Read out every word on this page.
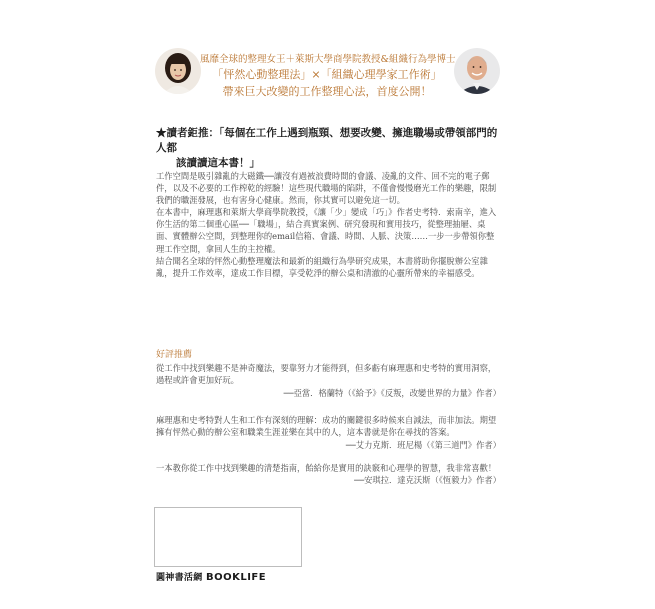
風靡全球的整理女王＋萊斯大學商學院教授&組織行為學博士
「怦然心動整理法」×「組織心理學家工作術」
帶來巨大改變的工作整理心法，首度公開！
★讀者鉅推：「每個在工作上遇到瓶頸、想要改變、擁進職場或帶領部門的人都
該讀讀這本書！」

工作空間是吸引雜亂的大磁鐵──讓沒有過被浪費時間的會議、凌亂的文件、回不完的電子郵件，以及不必要的工作榨乾的經驗！這些現代職場的陷阱，不僅會慢慢磨光工作的樂趣，限制我們的職涯發展，也有害身心健康。然而，你其實可以避免這一切。

在本書中，麻理惠和萊斯大學商學院教授，《讓「少」變成「巧」》作者史考特．索南辛，進入你生活的第二個重心區──「職場」，結合真實案例、研究發現和實用技巧，從整理抽屜、桌面、實體辦公空間，到整理你的email信箱、會議、時間、人脈、決策……一步一步帶領你整理工作空間，拿回人生的主控權。

結合聞名全球的怦然心動整理魔法和最新的組織行為學研究成果，本書將助你擺脫辦公室雜亂，提升工作效率，達成工作目標，享受乾淨的辦公桌和清澈的心靈所帶來的幸福感受。

好評推薦
從工作中找到樂趣不是神奇魔法，要靠努力才能得到，但多虧有麻理惠和史考特的實用洞察，過程或許會更加好玩。
──亞當．格蘭特（《給予》《反叛，改變世界的力量》作者）
麻理惠和史考特對人生和工作有深刻的理解：成功的關鍵很多時候來自減法，而非加法。期望擁有怦然心動的辦公室和職業生涯並樂在其中的人，這本書就是你在尋找的答案。
──艾力克斯．班尼楊（《第三道門》作者）
一本教你從工作中找到樂趣的清楚指南，飴給你是實用的訣竅和心理學的智慧，我非常喜歡！
──安琪拉．達克沃斯（《恆毅力》作者）
圓神書活網 BOOKLIFE
